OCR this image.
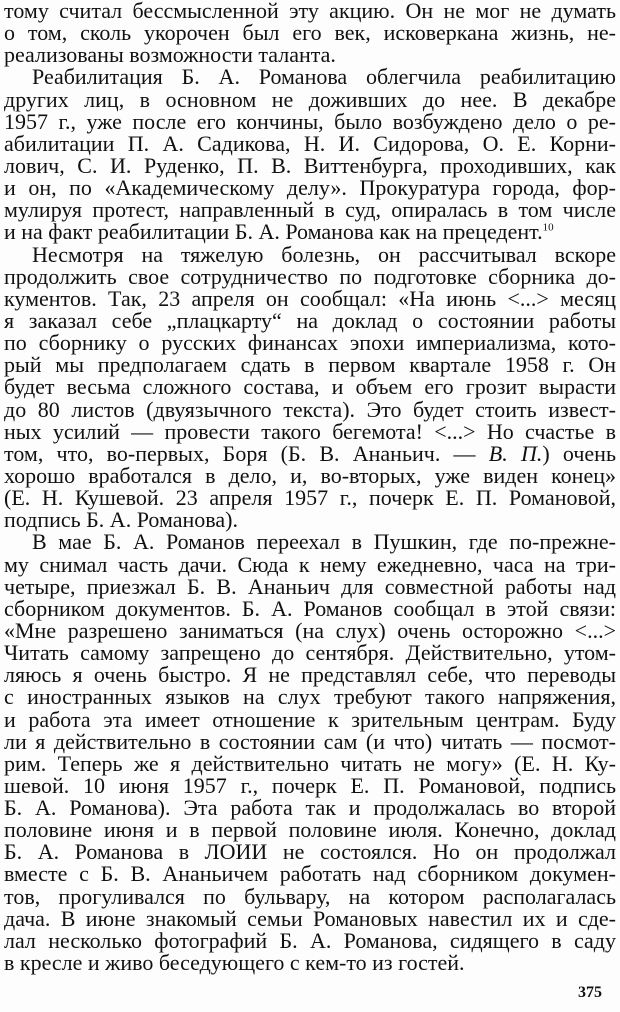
тому считал бессмысленной эту акцию. Он не мог не думать
о том, сколь укорочен был его век, исковеркана жизнь, не-
реализованы возможности таланта.
Реабилитация Б. А. Романова облегчила реабилитацию
других лиц, в основном не доживших до нее. В декабре
1957 г., уже после его кончины, было возбуждено дело о ре-
абилитации П. А. Садикова, Н. И. Сидорова, О. Е. Корни-
лович, С. И. Руденко, П. В. Виттенбурга, проходивших, как
и он, по «Академическому делу». Прокуратура города, фор-
мулируя протест, направленный в суд, опиралась в том числе
и на факт реабилитации Б. А. Романова как на прецедент.$^{10}$
Несмотря на тяжелую болезнь, он рассчитывал вскоре
продолжить свое сотрудничество по подготовке сборника до-
кументов. Так, 23 апреля он сообщал: «На июнь <...> месяц
я заказал себе „плацкарту“ на доклад о состоянии работы
по сборнику о русских финансах эпохи империализма, кото-
рый мы предполагаем сдать в первом квартале 1958 г. Он
будет весьма сложного состава, и объем его грозит вырасти
до 80 листов (двуязычного текста). Это будет стоить извест-
ных усилий — провести такого бегемота! <...> Но счастье в
том, что, во-первых, Боря (Б. В. Ананьич. — В. П.) очень
хорошо вработался в дело, и, во-вторых, уже виден конец»
(Е. Н. Кушевой. 23 апреля 1957 г., почерк Е. П. Романовой,
подпись Б. А. Романова).
В мае Б. А. Романов переехал в Пушкин, где по-прежне-
му снимал часть дачи. Сюда к нему ежедневно, часа на три-
четыре, приезжал Б. В. Ананьич для совместной работы над
сборником документов. Б. А. Романов сообщал в этой связи:
«Мне разрешено заниматься (на слух) очень осторожно <...>
Читать самому запрещено до сентября. Действительно, утом-
ляюсь я очень быстро. Я не представлял себе, что переводы
с иностранных языков на слух требуют такого напряжения,
и работа эта имеет отношение к зрительным центрам. Буду
ли я действительно в состоянии сам (и что) читать — посмот-
рим. Теперь же я действительно читать не могу» (Е. Н. Ку-
шевой. 10 июня 1957 г., почерк Е. П. Романовой, подпись
Б. А. Романова). Эта работа так и продолжалась во второй
половине июня и в первой половине июля. Конечно, доклад
Б. А. Романова в ЛОИИ не состоялся. Но он продолжал
вместе с Б. В. Ананьичем работать над сборником докумен-
тов, прогуливался по бульвару, на котором располагалась
дача. В июне знакомый семьи Романовых навестил их и сде-
лал несколько фотографий Б. А. Романова, сидящего в саду
в кресле и живо беседующего с кем-то из гостей.
375
